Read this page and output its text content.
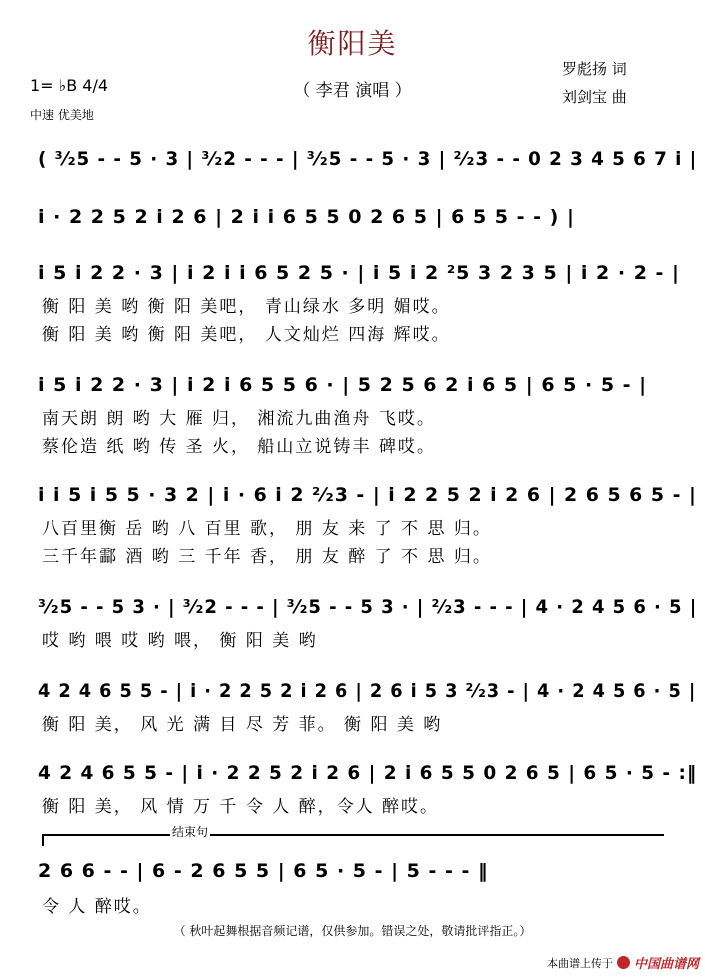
衡阳美
（ 李君 演唱 ）
罗彪扬 词
刘剑宝 曲
1= ♭B 4/4
中速 优美地
( ³⁄₂5 - - 5 · 3 | ³⁄₂2 - - - | ³⁄₂5 - - 5 · 3 | ²⁄₂3 - - 0 2 3 4 5 6 7 i |
i · 2 2 5 2 i 2 6 | 2 i i 6 5 5 0 2 6 5 | 6 5 5 - - ) |
i 5 i 2 2 · 3 | i 2 i i 6 5 2 5 · | i 5 i 2 ²5 3 2 3 5 | i 2 · 2 - |
衡 阳 美 哟 衡 阳 美吧， 青山绿水 多明 媚哎。
衡 阳 美 哟 衡 阳 美吧， 人文灿烂 四海 辉哎。
i 5 i 2 2 · 3 | i 2 i 6 5 5 6 · | 5 2 5 6 2 i 6 5 | 6 5 · 5 - |
南天朗 朗 哟 大 雁 归， 湘流九曲渔舟 飞哎。
蔡伦造 纸 哟 传 圣 火， 船山立说铸丰 碑哎。
i i 5 i 5 5 · 3 2 | i · 6 i 2 ²⁄₂3 - | i 2 2 5 2 i 2 6 | 2 6 5 6 5 - |
八百里衡 岳 哟 八 百里 歌， 朋 友 来 了 不 思 归。
三千年酃 酒 哟 三 千年 香， 朋 友 醉 了 不 思 归。
³⁄₂5 - - 5 3 · | ³⁄₂2 - - - | ³⁄₂5 - - 5 3 · | ²⁄₂3 - - - | 4 · 2 4 5 6 · 5 |
哎 哟 喂 哎 哟 喂， 衡 阳 美 哟
4 2 4 6 5 5 - | i · 2 2 5 2 i 2 6 | 2 6 i 5 3 ²⁄₂3 - | 4 · 2 4 5 6 · 5 |
衡 阳 美， 风 光 满 目 尽 芳 菲。 衡 阳 美 哟
4 2 4 6 5 5 - | i · 2 2 5 2 i 2 6 | 2 i 6 5 5 0 2 6 5 | 6 5 · 5 - :‖
衡 阳 美， 风 情 万 千 令 人 醉，令人 醉哎。
结束句
2 6 6 - - | 6 - 2 6 5 5 | 6 5 · 5 - | 5 - - - ‖
令 人 醉哎。
（ 秋叶起舞根据音频记谱，仅供参加。错误之处，敬请批评指正。）
本曲谱上传于 中国曲谱网
